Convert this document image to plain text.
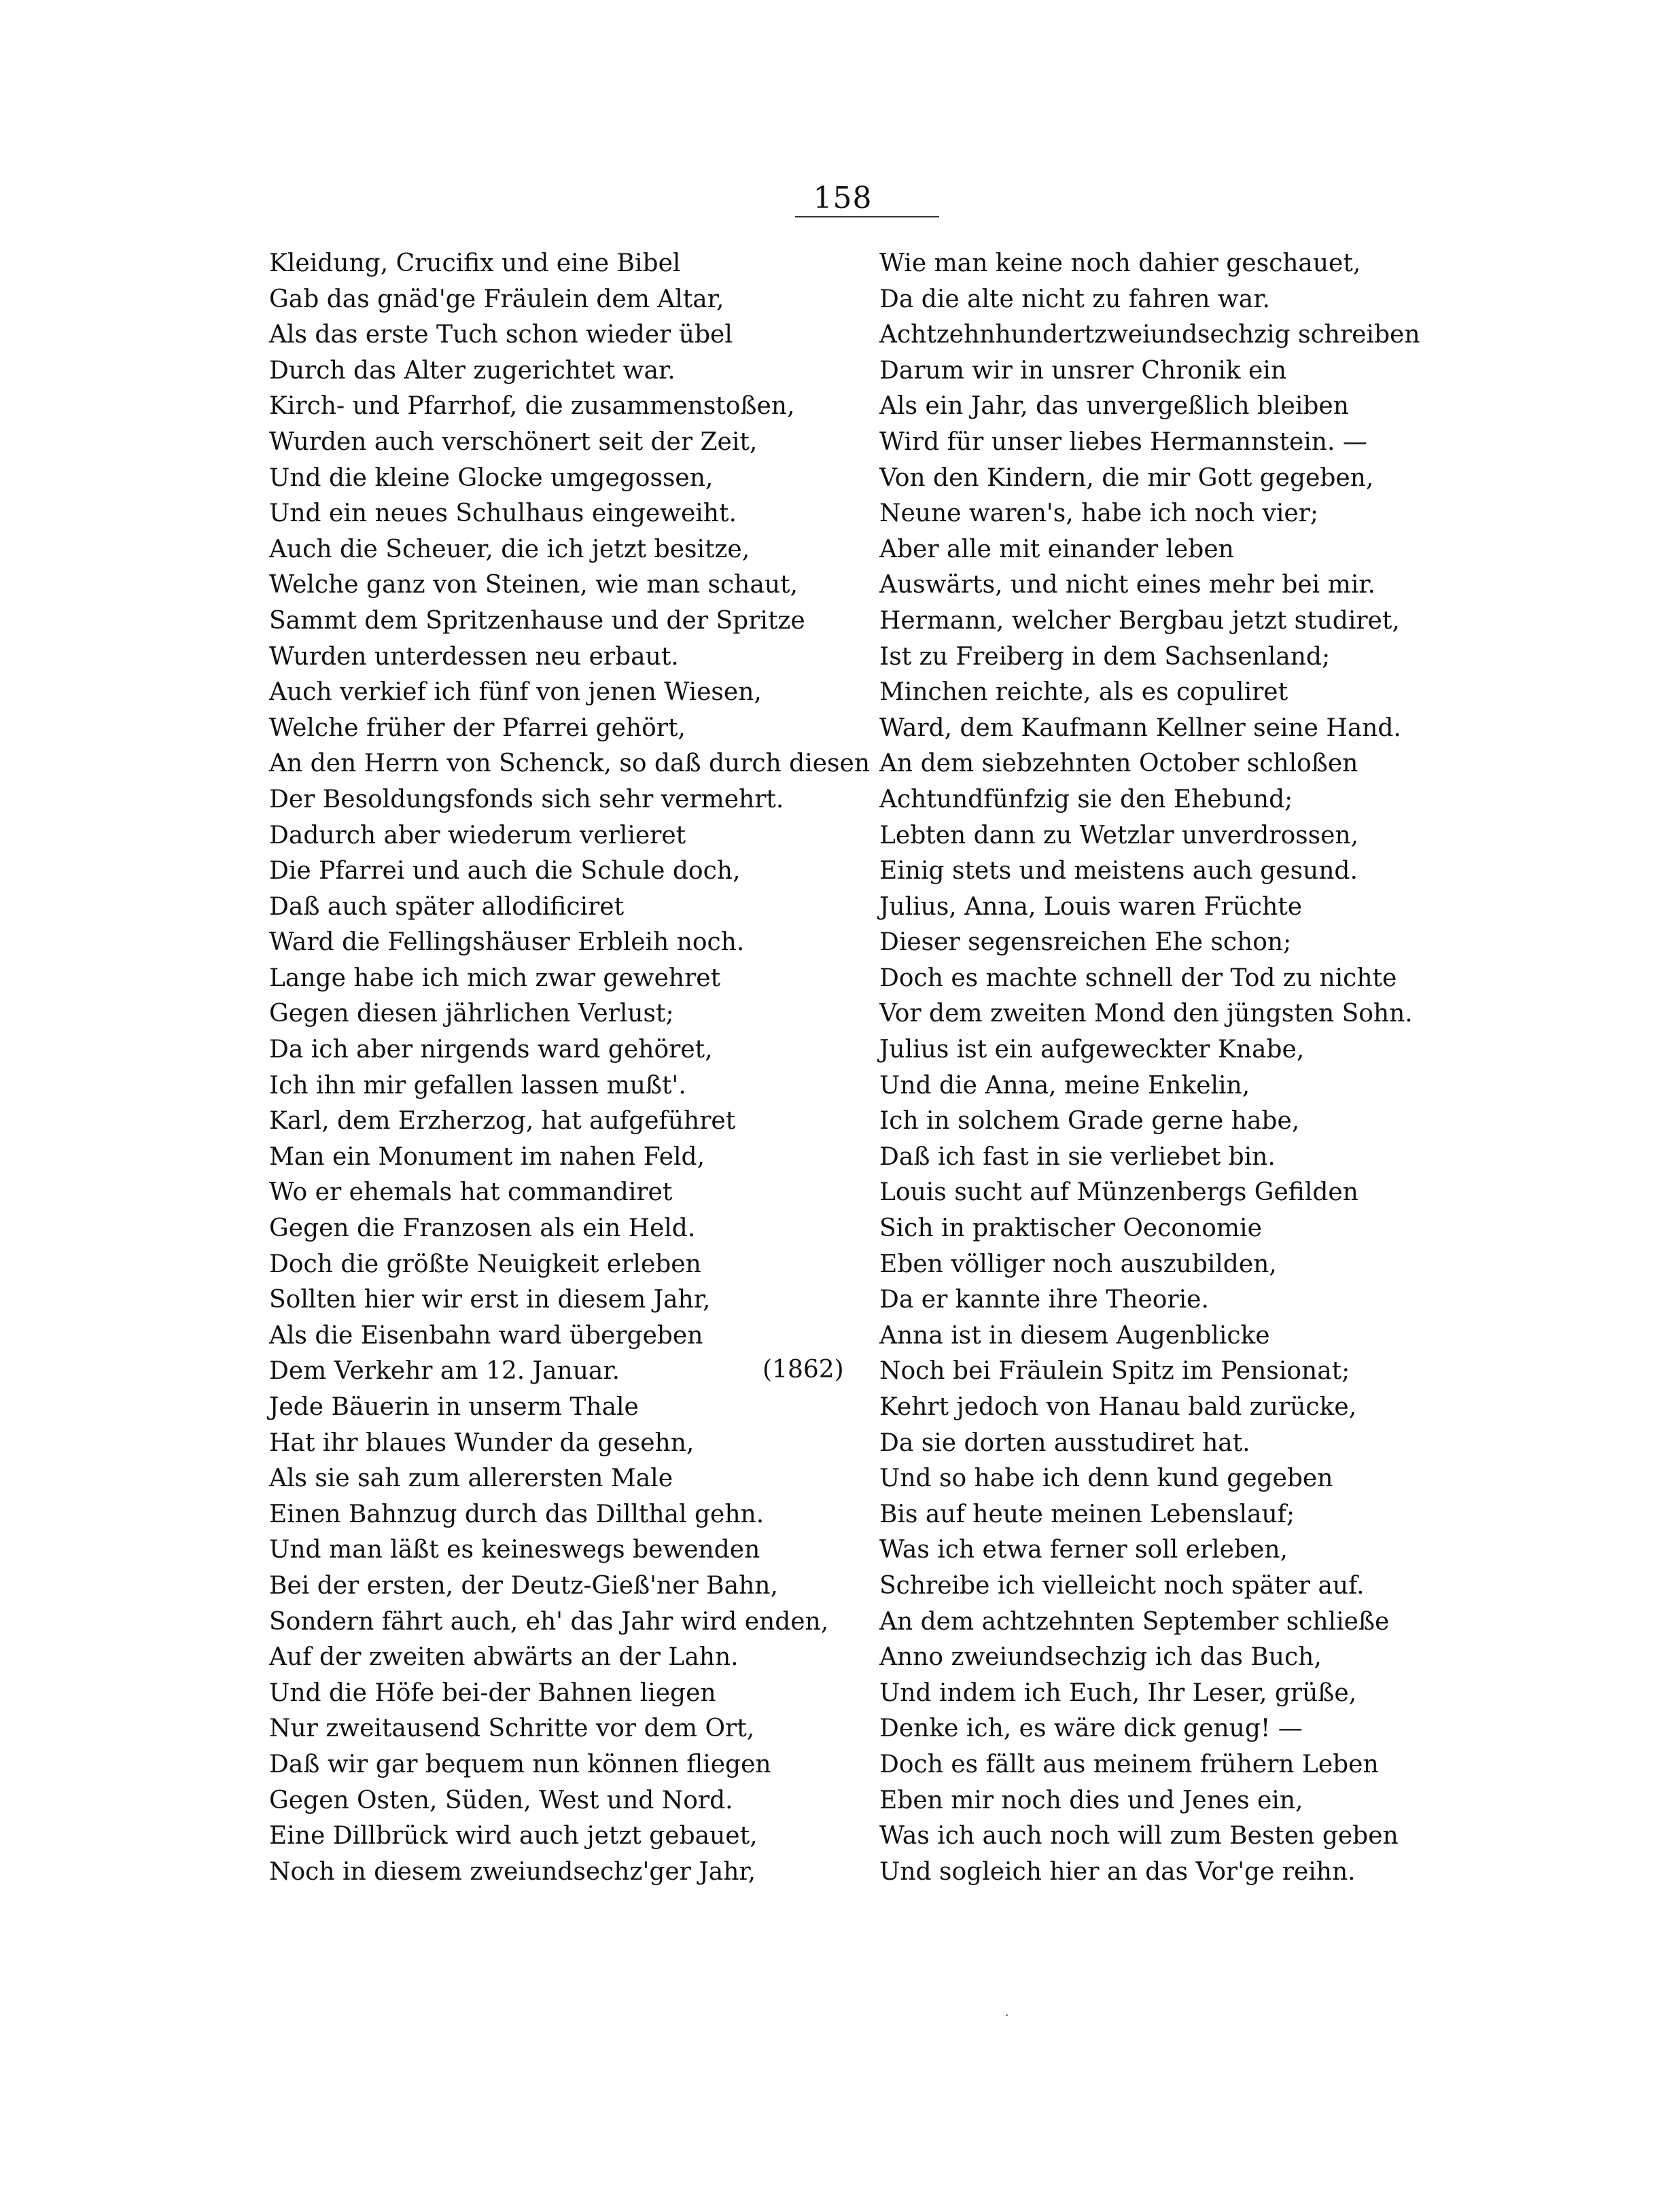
158
Kleidung, Crucifix und eine Bibel
Gab das gnäd'ge Fräulein dem Altar,
Als das erste Tuch schon wieder übel
Durch das Alter zugerichtet war.
Kirch- und Pfarrhof, die zusammenstoßen,
Wurden auch verschönert seit der Zeit,
Und die kleine Glocke umgegossen,
Und ein neues Schulhaus eingeweiht.
Auch die Scheuer, die ich jetzt besitze,
Welche ganz von Steinen, wie man schaut,
Sammt dem Spritzenhause und der Spritze
Wurden unterdessen neu erbaut.
Auch verkief ich fünf von jenen Wiesen,
Welche früher der Pfarrei gehört,
An den Herrn von Schenck, so daß durch diesen
Der Besoldungsfonds sich sehr vermehrt.
Dadurch aber wiederum verlieret
Die Pfarrei und auch die Schule doch,
Daß auch später allodificiret
Ward die Fellingshäuser Erbleih noch.
Lange habe ich mich zwar gewehret
Gegen diesen jährlichen Verlust;
Da ich aber nirgends ward gehöret,
Ich ihn mir gefallen lassen mußt'.
Karl, dem Erzherzog, hat aufgeführet
Man ein Monument im nahen Feld,
Wo er ehemals hat commandiret
Gegen die Franzosen als ein Held.
Doch die größte Neuigkeit erleben
Sollten hier wir erst in diesem Jahr,
Als die Eisenbahn ward übergeben
Dem Verkehr am 12. Januar.
Jede Bäuerin in unserm Thale
Hat ihr blaues Wunder da gesehn,
Als sie sah zum allerersten Male
Einen Bahnzug durch das Dillthal gehn.
Und man läßt es keineswegs bewenden
Bei der ersten, der Deutz-Gieß'ner Bahn,
Sondern fährt auch, eh' das Jahr wird enden,
Auf der zweiten abwärts an der Lahn.
Und die Höfe bei-der Bahnen liegen
Nur zweitausend Schritte vor dem Ort,
Daß wir gar bequem nun können fliegen
Gegen Osten, Süden, West und Nord.
Eine Dillbrück wird auch jetzt gebauet,
Noch in diesem zweiundsechz'ger Jahr,
(1862)
Wie man keine noch dahier geschauet,
Da die alte nicht zu fahren war.
Achtzehnhundertzweiundsechzig schreiben
Darum wir in unsrer Chronik ein
Als ein Jahr, das unvergeßlich bleiben
Wird für unser liebes Hermannstein. —
Von den Kindern, die mir Gott gegeben,
Neune waren's, habe ich noch vier;
Aber alle mit einander leben
Auswärts, und nicht eines mehr bei mir.
Hermann, welcher Bergbau jetzt studiret,
Ist zu Freiberg in dem Sachsenland;
Minchen reichte, als es copuliret
Ward, dem Kaufmann Kellner seine Hand.
An dem siebzehnten October schloßen
Achtundfünfzig sie den Ehebund;
Lebten dann zu Wetzlar unverdrossen,
Einig stets und meistens auch gesund.
Julius, Anna, Louis waren Früchte
Dieser segensreichen Ehe schon;
Doch es machte schnell der Tod zu nichte
Vor dem zweiten Mond den jüngsten Sohn.
Julius ist ein aufgeweckter Knabe,
Und die Anna, meine Enkelin,
Ich in solchem Grade gerne habe,
Daß ich fast in sie verliebet bin.
Louis sucht auf Münzenbergs Gefilden
Sich in praktischer Oeconomie
Eben völliger noch auszubilden,
Da er kannte ihre Theorie.
Anna ist in diesem Augenblicke
Noch bei Fräulein Spitz im Pensionat;
Kehrt jedoch von Hanau bald zurücke,
Da sie dorten ausstudiret hat.
Und so habe ich denn kund gegeben
Bis auf heute meinen Lebenslauf;
Was ich etwa ferner soll erleben,
Schreibe ich vielleicht noch später auf.
An dem achtzehnten September schließe
Anno zweiundsechzig ich das Buch,
Und indem ich Euch, Ihr Leser, grüße,
Denke ich, es wäre dick genug! —
Doch es fällt aus meinem frühern Leben
Eben mir noch dies und Jenes ein,
Was ich auch noch will zum Besten geben
Und sogleich hier an das Vor'ge reihn.
